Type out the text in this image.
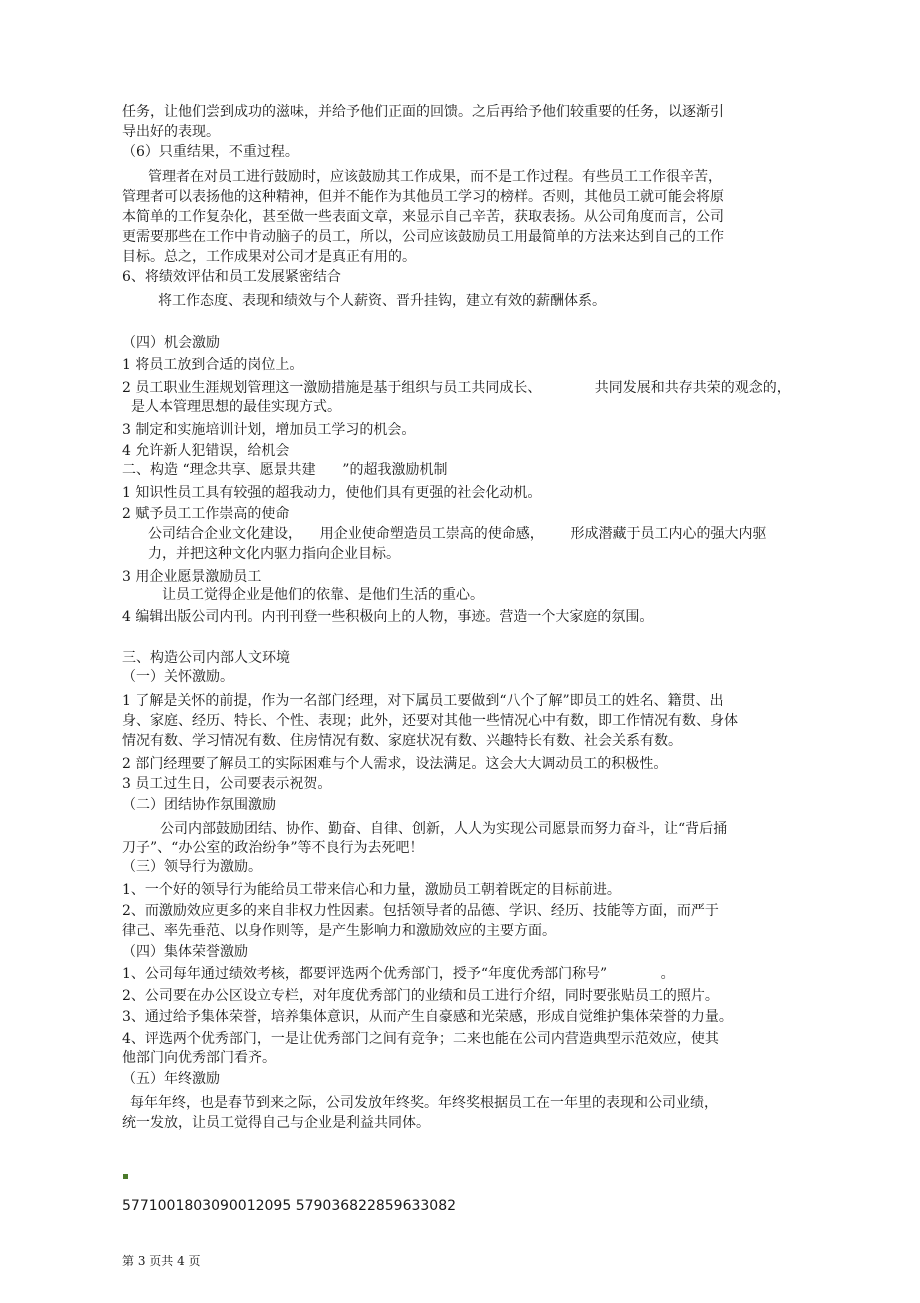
任务，让他们尝到成功的滋味，并给予他们正面的回馈。之后再给予他们较重要的任务，以逐渐引
导出好的表现。
（6）只重结果，不重过程。
管理者在对员工进行鼓励时，应该鼓励其工作成果，而不是工作过程。有些员工工作很辛苦，
管理者可以表扬他的这种精神，但并不能作为其他员工学习的榜样。否则，其他员工就可能会将原
本简单的工作复杂化，甚至做一些表面文章，来显示自己辛苦，获取表扬。从公司角度而言，公司
更需要那些在工作中肯动脑子的员工，所以，公司应该鼓励员工用最简单的方法来达到自己的工作
目标。总之，工作成果对公司才是真正有用的。
6、将绩效评估和员工发展紧密结合
将工作态度、表现和绩效与个人薪资、晋升挂钩，建立有效的薪酬体系。
（四）机会激励
1 将员工放到合适的岗位上。
2 员工职业生涯规划管理这一激励措施是基于组织与员工共同成长、            共同发展和共存共荣的观念的，
是人本管理思想的最佳实现方式。
3 制定和实施培训计划，增加员工学习的机会。
4 允许新人犯错误，给机会
二、构造 “理念共享、愿景共建      ”的超我激励机制
1 知识性员工具有较强的超我动力，使他们具有更强的社会化动机。
2 赋予员工工作崇高的使命
公司结合企业文化建设，    用企业使命塑造员工崇高的使命感，      形成潜藏于员工内心的强大内驱
力，并把这种文化内驱力指向企业目标。
3 用企业愿景激励员工
让员工觉得企业是他们的依靠、是他们生活的重心。
4 编辑出版公司内刊。内刊刊登一些积极向上的人物，事迹。营造一个大家庭的氛围。
三、构造公司内部人文环境
（一）关怀激励。
1 了解是关怀的前提，作为一名部门经理，对下属员工要做到“八个了解”即员工的姓名、籍贯、出
身、家庭、经历、特长、个性、表现；此外，还要对其他一些情况心中有数，即工作情况有数、身体
情况有数、学习情况有数、住房情况有数、家庭状况有数、兴趣特长有数、社会关系有数。
2 部门经理要了解员工的实际困难与个人需求，设法满足。这会大大调动员工的积极性。
3 员工过生日，公司要表示祝贺。
（二）团结协作氛围激励
公司内部鼓励团结、协作、勤奋、自律、创新，人人为实现公司愿景而努力奋斗，让“背后捅
刀子”、“办公室的政治纷争”等不良行为去死吧！
（三）领导行为激励。
1、一个好的领导行为能给员工带来信心和力量，激励员工朝着既定的目标前进。
2、而激励效应更多的来自非权力性因素。包括领导者的品德、学识、经历、技能等方面，而严于
律己、率先垂范、以身作则等，是产生影响力和激励效应的主要方面。
（四）集体荣誉激励
1、公司每年通过绩效考核，都要评选两个优秀部门，授予“年度优秀部门称号”            。
2、公司要在办公区设立专栏，对年度优秀部门的业绩和员工进行介绍，同时要张贴员工的照片。
3、通过给予集体荣誉，培养集体意识，从而产生自豪感和光荣感，形成自觉维护集体荣誉的力量。
4、评选两个优秀部门，一是让优秀部门之间有竞争；二来也能在公司内营造典型示范效应，使其
他部门向优秀部门看齐。
（五）年终激励
每年年终，也是春节到来之际，公司发放年终奖。年终奖根据员工在一年里的表现和公司业绩，
统一发放，让员工觉得自己与企业是利益共同体。
5771001803090012095 579036822859633082
第 3 页共 4 页
